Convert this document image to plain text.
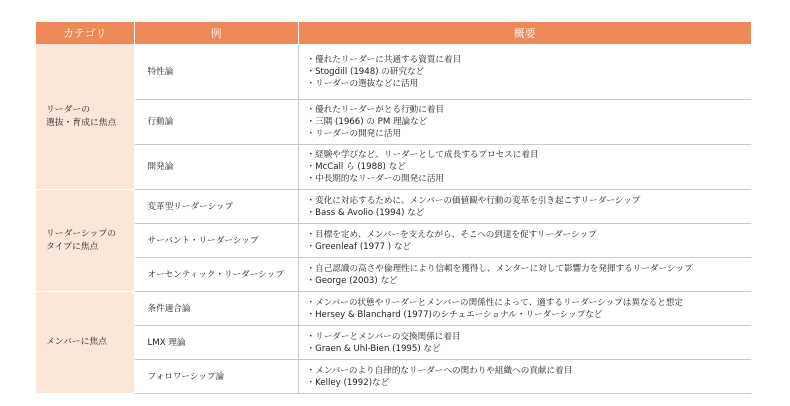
カテゴリ	例	概要

リーダーの
選抜・育成に焦点	特性論	・優れたリーダーに共通する資質に着目
・Stogdill (1948) の研究など
・リーダーの選抜などに活用

	行動論	・優れたリーダーがとる行動に着目
・三隅 (1966) の PM 理論など
・リーダーの開発に活用

	開発論	・経験や学びなど、リーダーとして成長するプロセスに着目
・McCall ら (1988) など
・中長期的なリーダーの開発に活用

リーダーシップの
タイプに焦点	変革型リーダーシップ	・変化に対応するために、メンバーの価値観や行動の変革を引き起こすリーダーシップ
・Bass & Avolio (1994) など

	サーバント・リーダーシップ	・目標を定め、メンバーを支えながら、そこへの到達を促すリーダーシップ
・Greenleaf (1977 ) など

	オーセンティック・リーダーシップ	・自己認識の高さや倫理性により信頼を獲得し、メンターに対して影響力を発揮するリーダーシップ
・George (2003) など

メンバーに焦点	条件適合論	・メンバーの状態やリーダーとメンバーの関係性によって、適するリーダーシップは異なると想定
・Hersey & Blanchard (1977)のシチュエーショナル・リーダーシップなど

	LMX 理論	・リーダーとメンバーの交換関係に着目
・Graen & Uhl-Bien (1995) など

	フォロワーシップ論	・メンバーのより自律的なリーダーへの関わりや組織への貢献に着目
・Kelley (1992)など
